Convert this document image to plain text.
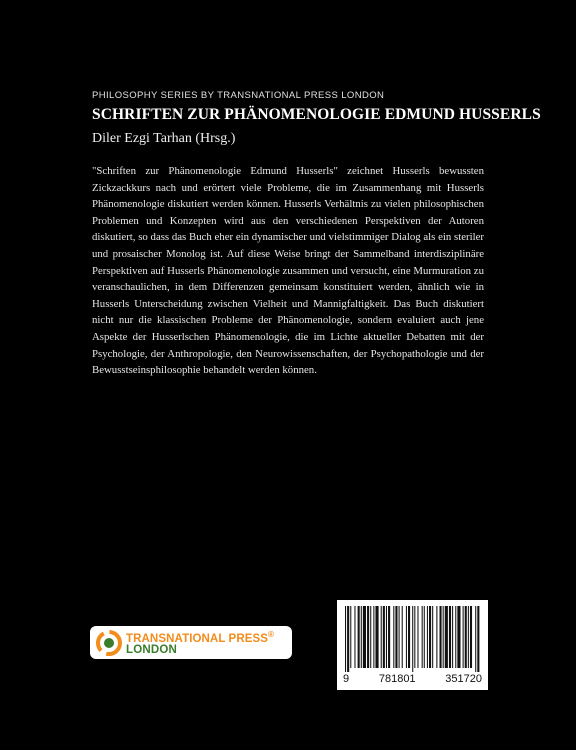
PHILOSOPHY SERIES BY TRANSNATIONAL PRESS LONDON
SCHRIFTEN ZUR PHÄNOMENOLOGIE EDMUND HUSSERLS
Diler Ezgi Tarhan (Hrsg.)
"Schriften zur Phänomenologie Edmund Husserls" zeichnet Husserls bewussten Zickzackkurs nach und erörtert viele Probleme, die im Zusammenhang mit Husserls Phänomenologie diskutiert werden können. Husserls Verhältnis zu vielen philosophischen Problemen und Konzepten wird aus den verschiedenen Perspektiven der Autoren diskutiert, so dass das Buch eher ein dynamischer und vielstimmiger Dialog als ein steriler und prosaischer Monolog ist. Auf diese Weise bringt der Sammelband interdisziplinäre Perspektiven auf Husserls Phänomenologie zusammen und versucht, eine Murmuration zu veranschaulichen, in dem Differenzen gemeinsam konstituiert werden, ähnlich wie in Husserls Unterscheidung zwischen Vielheit und Mannigfaltigkeit. Das Buch diskutiert nicht nur die klassischen Probleme der Phänomenologie, sondern evaluiert auch jene Aspekte der Husserlschen Phänomenologie, die im Lichte aktueller Debatten mit der Psychologie, der Anthropologie, den Neurowissenschaften, der Psychopathologie und der Bewusstseinsphilosophie behandelt werden können.
TRANSNATIONAL PRESS®
LONDON
9	781801	351720
